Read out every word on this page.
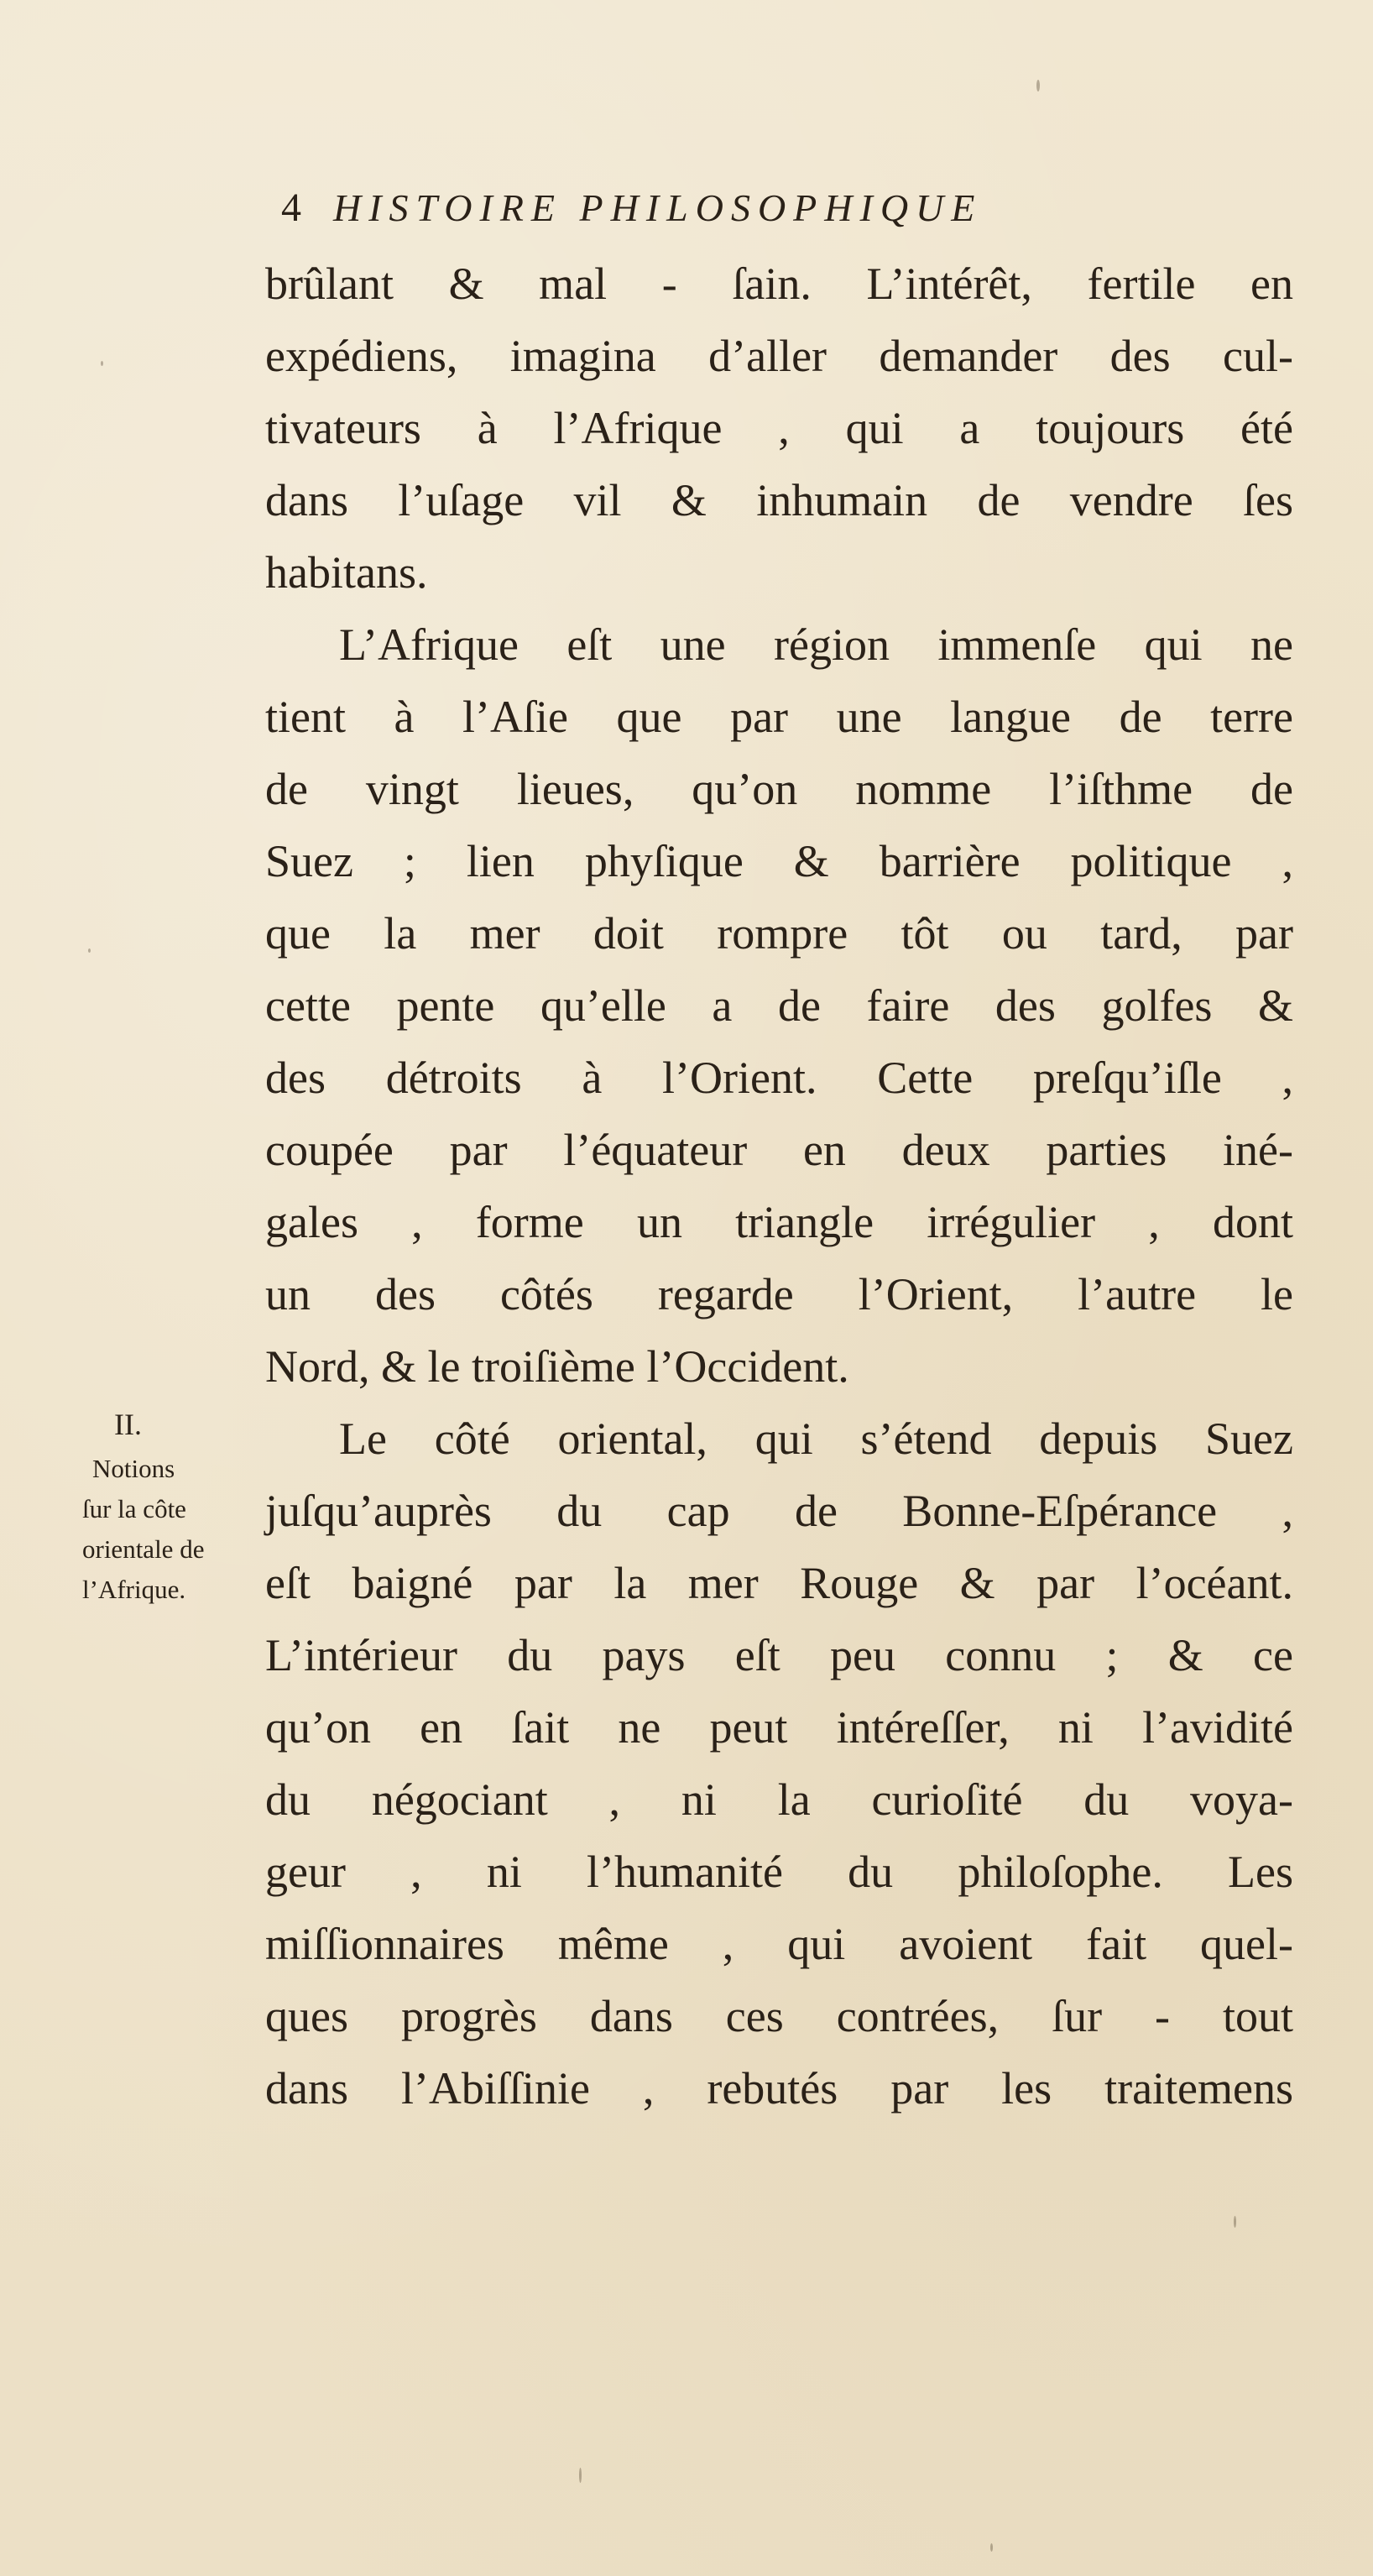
4 HISTOIRE PHILOSOPHIQUE
brûlant & mal - ſain. L’intérêt, fertile en
expédiens, imagina d’aller demander des cul-
tivateurs à l’Afrique , qui a toujours été
dans l’uſage vil & inhumain de vendre ſes
habitans.
L’Afrique eſt une région immenſe qui ne
tient à l’Aſie que par une langue de terre
de vingt lieues, qu’on nomme l’iſthme de
Suez ; lien phyſique & barrière politique ,
que la mer doit rompre tôt ou tard, par
cette pente qu’elle a de faire des golfes &
des détroits à l’Orient. Cette preſqu’iſle ,
coupée par l’équateur en deux parties iné-
gales , forme un triangle irrégulier , dont
un des côtés regarde l’Orient, l’autre le
Nord, & le troiſième l’Occident.
Le côté oriental, qui s’étend depuis Suez
juſqu’auprès du cap de Bonne-Eſpérance ,
eſt baigné par la mer Rouge & par l’océant.
L’intérieur du pays eſt peu connu ; & ce
qu’on en ſait ne peut intéreſſer, ni l’avidité
du négociant , ni la curioſité du voya-
geur , ni l’humanité du philoſophe. Les
miſſionnaires même , qui avoient fait quel-
ques progrès dans ces contrées, ſur - tout
dans l’Abiſſinie , rebutés par les traitemens
II.
Notions
ſur la côte
orientale de
l’Afrique.
